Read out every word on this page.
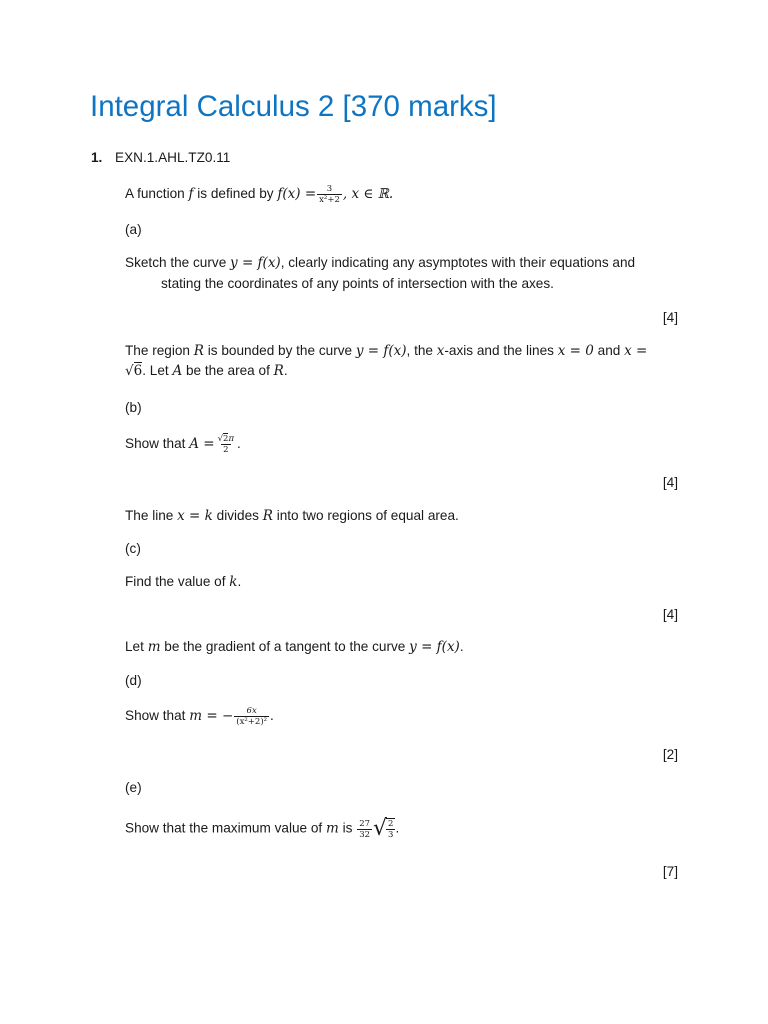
Integral Calculus 2 [370 marks]
1. EXN.1.AHL.TZ0.11
A function f is defined by $f(x) = \frac{3}{\text{x²+2}}$ , x ∈ ℝ.
(a)
Sketch the curve y = f(x), clearly indicating any asymptotes with their equations and
stating the coordinates of any points of intersection with the axes.
[4]
The region R is bounded by the curve y = f(x), the x-axis and the lines x = 0 and x =
√6. Let A be the area of R.
(b)
Show that $A = \frac{√2\pi}{2}$ .
[4]
The line x = k divides R into two regions of equal area.
(c)
Find the value of k.
[4]
Let m be the gradient of a tangent to the curve y = f(x).
(d)
Show that m = − $\frac{6x}{\text{(x²+2)²}}$ .
[2]
(e)
Show that the maximum value of m is $\frac{27}{32}$ √ $\frac{2}{3}$ .
[7]
